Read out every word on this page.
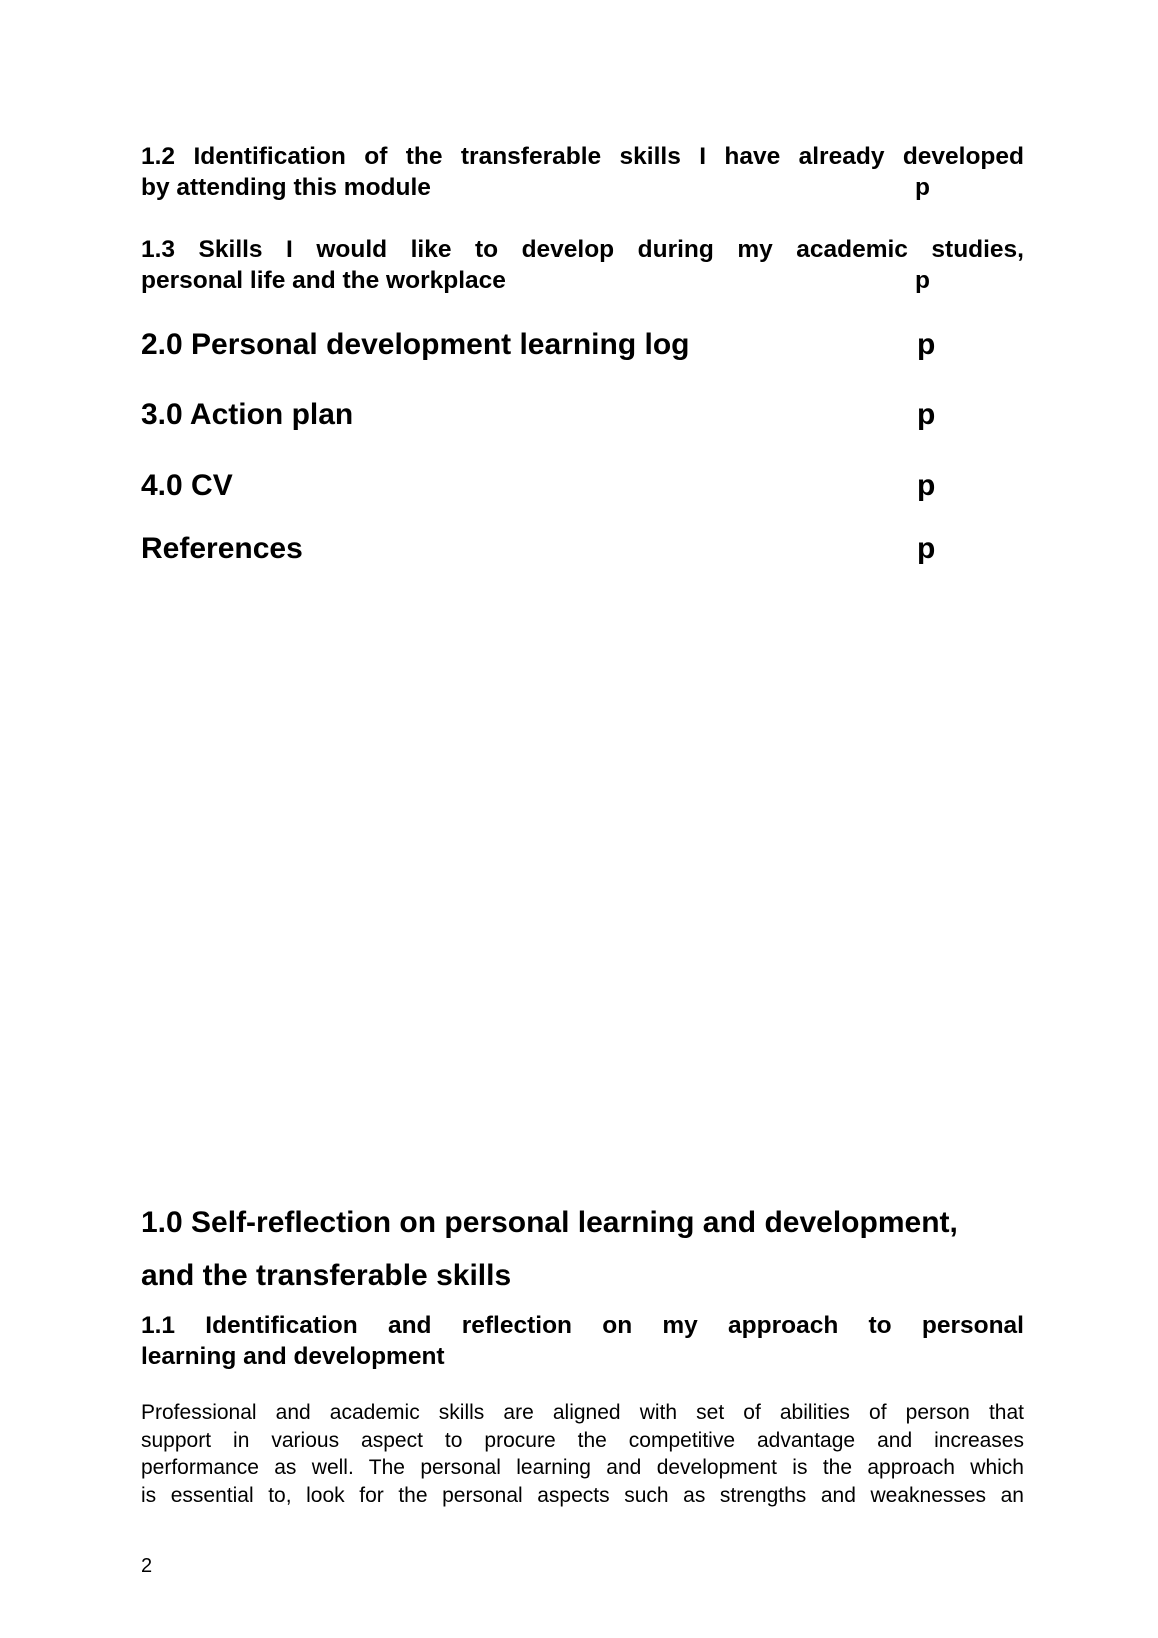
1.2 Identification of the transferable skills I have already developed
by attending this module	p
1.3 Skills I would like to develop during my academic studies,
personal life and the workplace	p
2.0 Personal development learning log	p
3.0 Action plan	p
4.0 CV	p
References	p
1.0 Self-reflection on personal learning and development,
and the transferable skills
1.1 Identification and reflection on my approach to personal
learning and development
Professional and academic skills are aligned with set of abilities of person that
support in various aspect to procure the competitive advantage and increases
performance as well. The personal learning and development is the approach which
is essential to, look for the personal aspects such as strengths and weaknesses an
2
